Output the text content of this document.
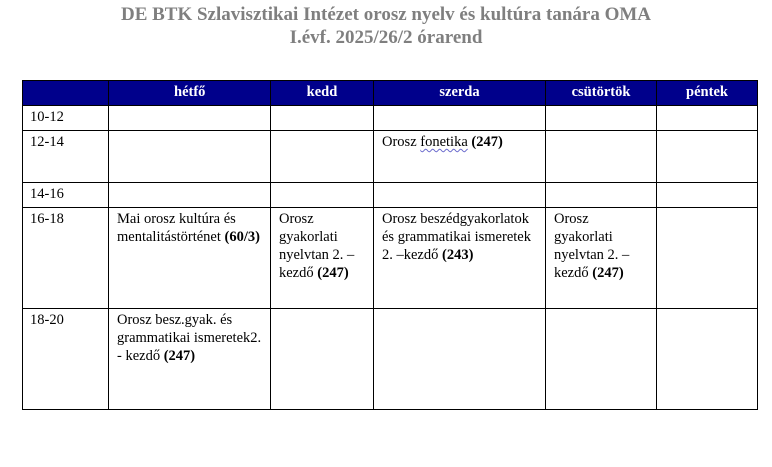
DE BTK Szlavisztikai Intézet orosz nyelv és kultúra tanára OMA
I.évf. 2025/26/2 órarend
	hétfő	kedd	szerda	csütörtök	péntek
10-12					
12-14			Orosz fonetika (247)		
14-16					
16-18	Mai orosz kultúra és mentalitástörténet (60/3)	Orosz gyakorlati nyelvtan 2. – kezdő (247)	Orosz beszédgyakorlatok és grammatikai ismeretek 2. –kezdő (243)	Orosz gyakorlati nyelvtan 2. – kezdő (247)	
18-20	Orosz besz.gyak. és grammatikai ismeretek2. - kezdő (247)				
